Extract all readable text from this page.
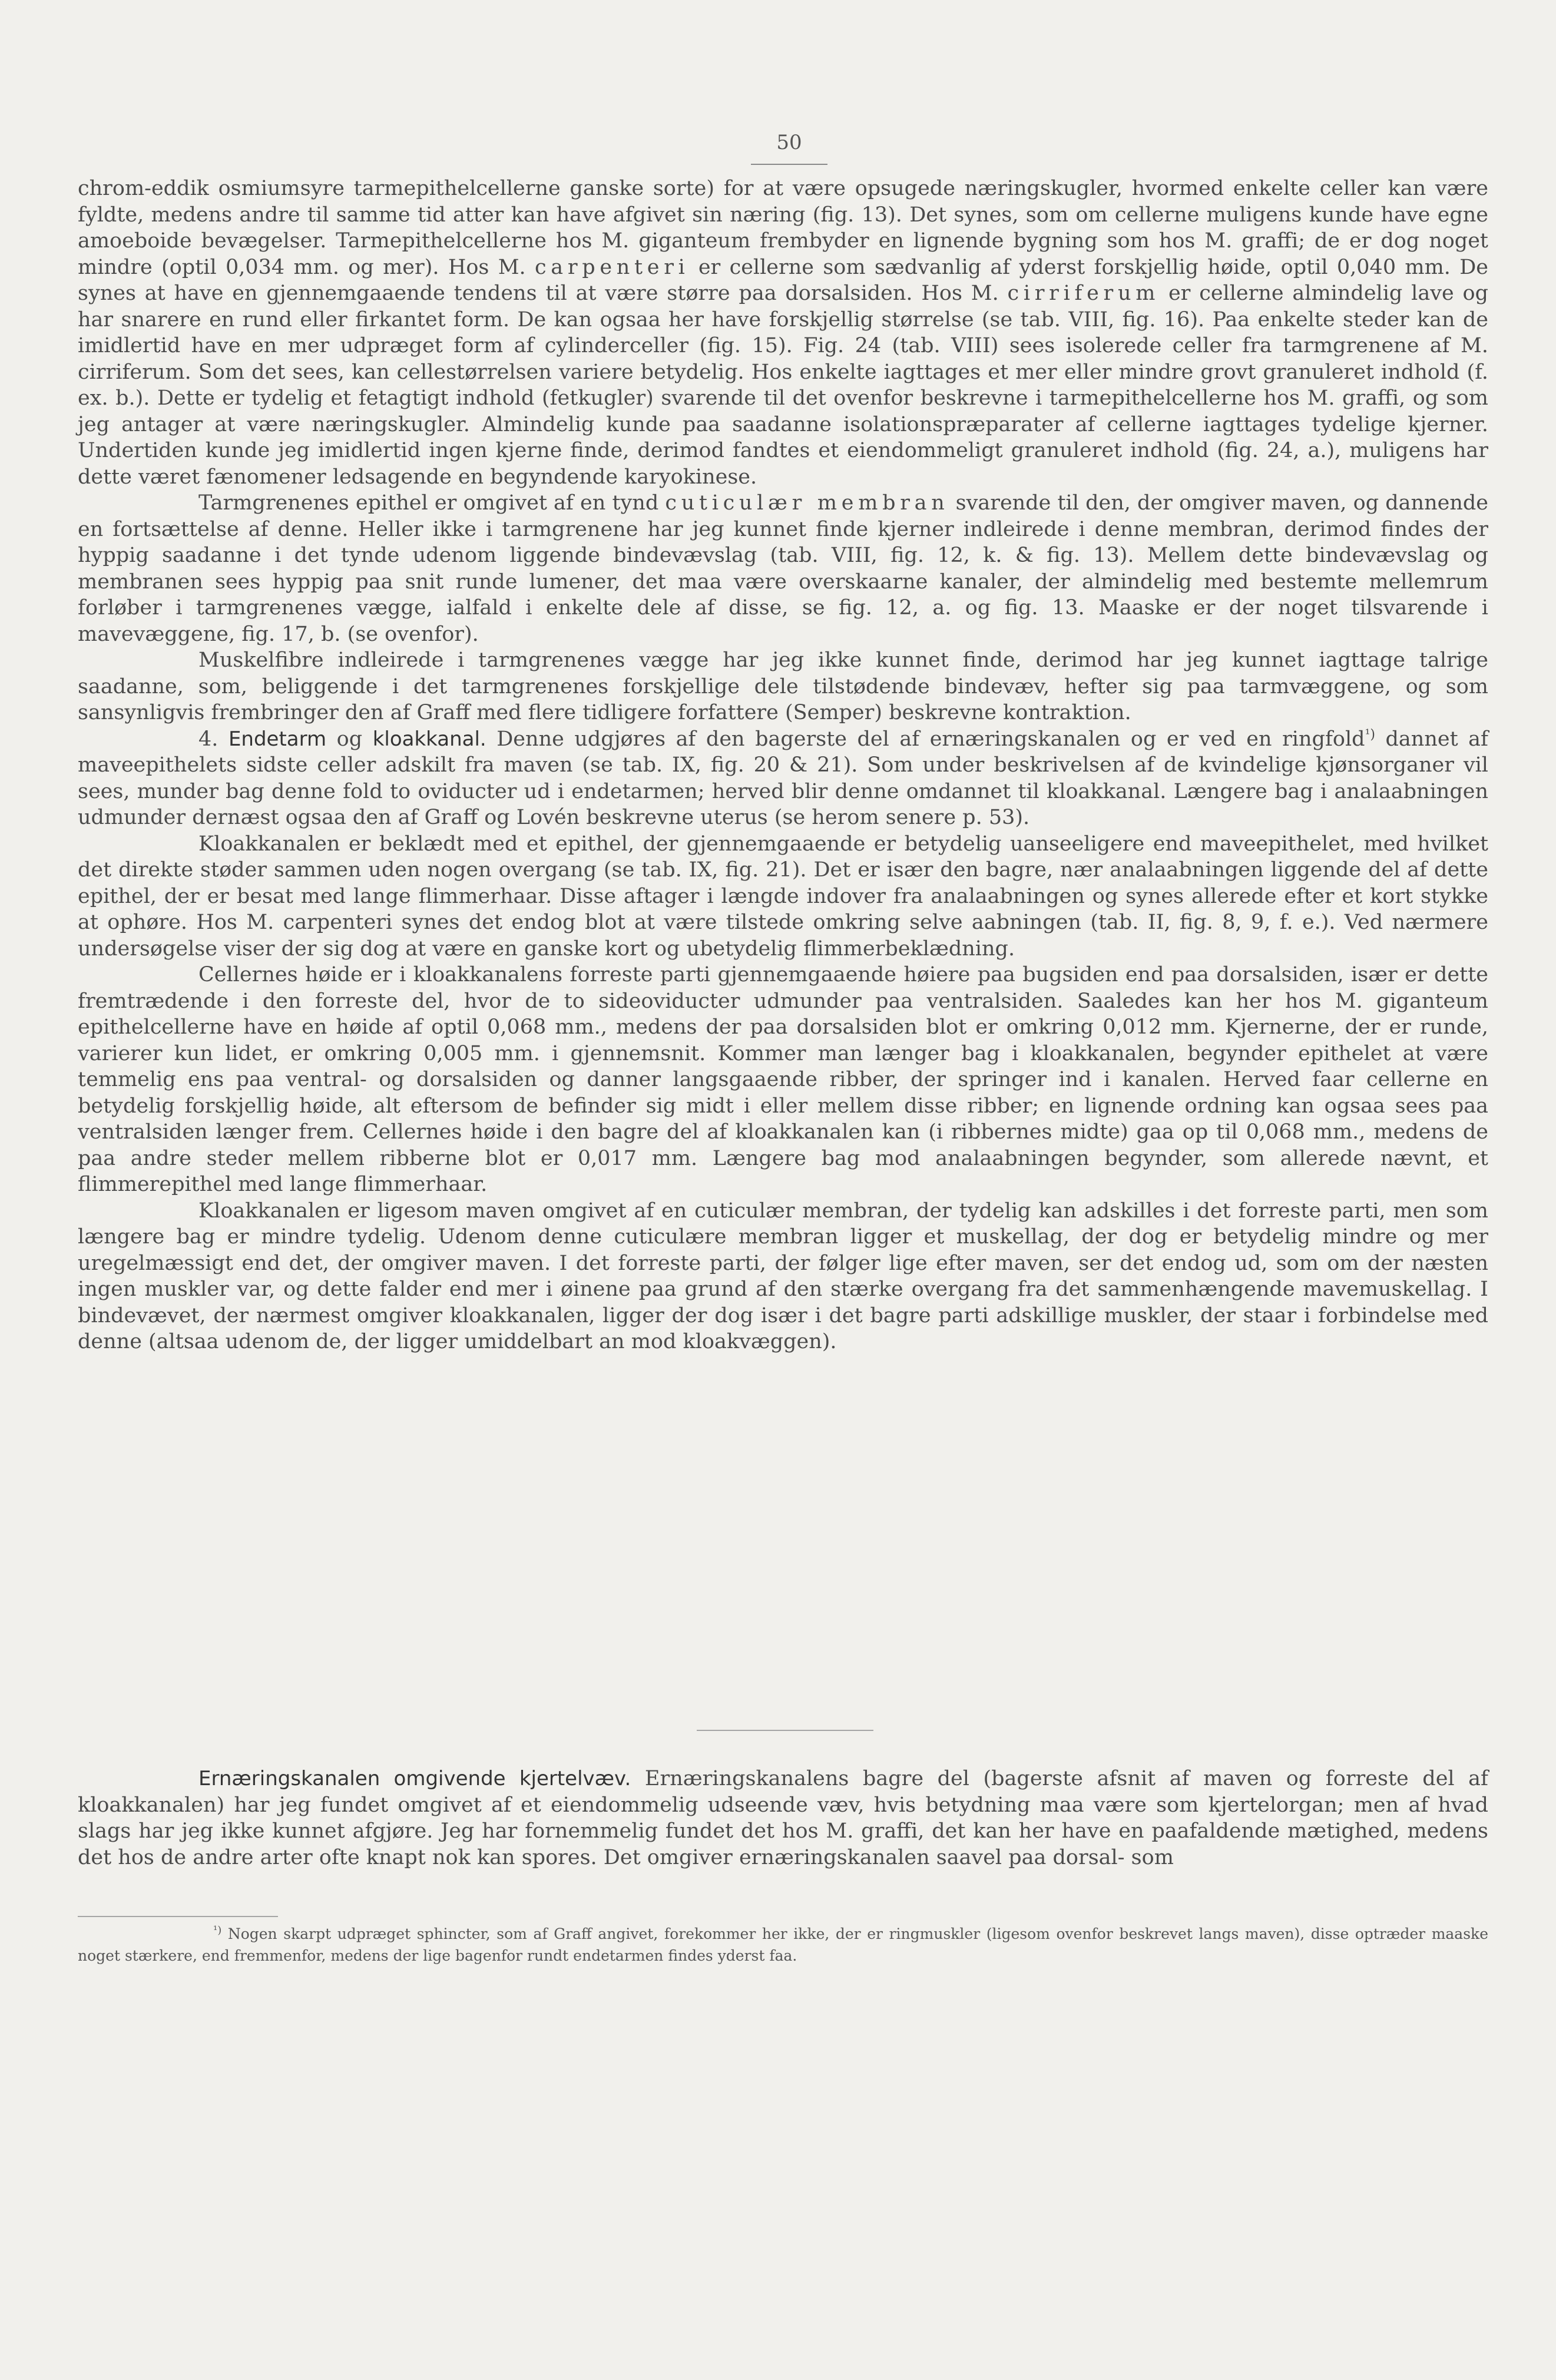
50

chrom-eddik osmiumsyre tarmepithelcellerne ganske sorte) for at være opsugede næringskugler, hvormed enkelte celler kan være fyldte, medens andre til samme tid atter kan have afgivet sin næring (fig. 13). Det synes, som om cellerne muligens kunde have egne amoeboide bevægelser. Tarmepithelcellerne hos M. giganteum frembyder en lignende bygning som hos M. graffi; de er dog noget mindre (optil 0,034 mm. og mer). Hos M. carpenteri er cellerne som sædvanlig af yderst forskjellig høide, optil 0,040 mm. De synes at have en gjennemgaaende tendens til at være større paa dorsalsiden. Hos M. cirriferum er cellerne almindelig lave og har snarere en rund eller firkantet form. De kan ogsaa her have forskjellig størrelse (se tab. VIII, fig. 16). Paa enkelte steder kan de imidlertid have en mer udpræget form af cylinderceller (fig. 15). Fig. 24 (tab. VIII) sees isolerede celler fra tarmgrenene af M. cirriferum. Som det sees, kan cellestørrelsen variere betydelig. Hos enkelte iagttages et mer eller mindre grovt granuleret indhold (f. ex. b.). Dette er tydelig et fetagtigt indhold (fetkugler) svarende til det ovenfor beskrevne i tarmepithelcellerne hos M. graffi, og som jeg antager at være næringskugler. Almindelig kunde paa saadanne isolationspræparater af cellerne iagttages tydelige kjerner. Undertiden kunde jeg imidlertid ingen kjerne finde, derimod fandtes et eiendommeligt granuleret indhold (fig. 24, a.), muligens har dette været fænomener ledsagende en begyndende karyokinese.

Tarmgrenenes epithel er omgivet af en tynd cuticulær membran svarende til den, der omgiver maven, og dannende en fortsættelse af denne. Heller ikke i tarmgrenene har jeg kunnet finde kjerner indleirede i denne membran, derimod findes der hyppig saadanne i det tynde udenom liggende bindevævslag (tab. VIII, fig. 12, k. & fig. 13). Mellem dette bindevævslag og membranen sees hyppig paa snit runde lumener, det maa være overskaarne kanaler, der almindelig med bestemte mellemrum forløber i tarmgrenenes vægge, ialfald i enkelte dele af disse, se fig. 12, a. og fig. 13. Maaske er der noget tilsvarende i mavevæggene, fig. 17, b. (se ovenfor).

Muskelfibre indleirede i tarmgrenenes vægge har jeg ikke kunnet finde, derimod har jeg kunnet iagttage talrige saadanne, som, beliggende i det tarmgrenenes forskjellige dele tilstødende bindevæv, hefter sig paa tarmvæggene, og som sansynligvis frembringer den af Graff med flere tidligere forfattere (Semper) beskrevne kontraktion.

4. Endetarm og kloakkanal. Denne udgjøres af den bagerste del af ernæringskanalen og er ved en ringfold$^{^1)}$ dannet af maveepithelets sidste celler adskilt fra maven (se tab. IX, fig. 20 & 21). Som under beskrivelsen af de kvindelige kjønsorganer vil sees, munder bag denne fold to oviducter ud i endetarmen; herved blir denne omdannet til kloakkanal. Længere bag i analaabningen udmunder dernæst ogsaa den af Graff og Lovén beskrevne uterus (se herom senere p. 53).

Kloakkanalen er beklædt med et epithel, der gjennemgaaende er betydelig uanseeligere end maveepithelet, med hvilket det direkte støder sammen uden nogen overgang (se tab. IX, fig. 21). Det er især den bagre, nær analaabningen liggende del af dette epithel, der er besat med lange flimmerhaar. Disse aftager i længde indover fra analaabningen og synes allerede efter et kort stykke at ophøre. Hos M. carpenteri synes det endog blot at være tilstede omkring selve aabningen (tab. II, fig. 8, 9, f. e.). Ved nærmere undersøgelse viser der sig dog at være en ganske kort og ubetydelig flimmerbeklædning.

Cellernes høide er i kloakkanalens forreste parti gjennemgaaende høiere paa bugsiden end paa dorsalsiden, især er dette fremtrædende i den forreste del, hvor de to sideoviducter udmunder paa ventralsiden. Saaledes kan her hos M. giganteum epithelcellerne have en høide af optil 0,068 mm., medens der paa dorsalsiden blot er omkring 0,012 mm. Kjernerne, der er runde, varierer kun lidet, er omkring 0,005 mm. i gjennemsnit. Kommer man længer bag i kloakkanalen, begynder epithelet at være temmelig ens paa ventral- og dorsalsiden og danner langsgaaende ribber, der springer ind i kanalen. Herved faar cellerne en betydelig forskjellig høide, alt eftersom de befinder sig midt i eller mellem disse ribber; en lignende ordning kan ogsaa sees paa ventralsiden længer frem. Cellernes høide i den bagre del af kloakkanalen kan (i ribbernes midte) gaa op til 0,068 mm., medens de paa andre steder mellem ribberne blot er 0,017 mm. Længere bag mod analaabningen begynder, som allerede nævnt, et flimmerepithel med lange flimmerhaar.

Kloakkanalen er ligesom maven omgivet af en cuticulær membran, der tydelig kan adskilles i det forreste parti, men som længere bag er mindre tydelig. Udenom denne cuticulære membran ligger et muskellag, der dog er betydelig mindre og mer uregelmæssigt end det, der omgiver maven. I det forreste parti, der følger lige efter maven, ser det endog ud, som om der næsten ingen muskler var, og dette falder end mer i øinene paa grund af den stærke overgang fra det sammenhængende mavemuskellag. I bindevævet, der nærmest omgiver kloakkanalen, ligger der dog især i det bagre parti adskillige muskler, der staar i forbindelse med denne (altsaa udenom de, der ligger umiddelbart an mod kloakvæggen).

Ernæringskanalen omgivende kjertelvæv. Ernæringskanalens bagre del (bagerste afsnit af maven og forreste del af kloakkanalen) har jeg fundet omgivet af et eiendommelig udseende væv, hvis betydning maa være som kjertelorgan; men af hvad slags har jeg ikke kunnet afgjøre. Jeg har fornemmelig fundet det hos M. graffi, det kan her have en paafaldende mætighed, medens det hos de andre arter ofte knapt nok kan spores. Det omgiver ernæringskanalen saavel paa dorsal- som

$^{^1)}$ Nogen skarpt udpræget sphincter, som af Graff angivet, forekommer her ikke, der er ringmuskler (ligesom ovenfor beskrevet langs maven), disse optræder maaske noget stærkere, end fremmenfor, medens der lige bagenfor rundt endetarmen findes yderst faa.
